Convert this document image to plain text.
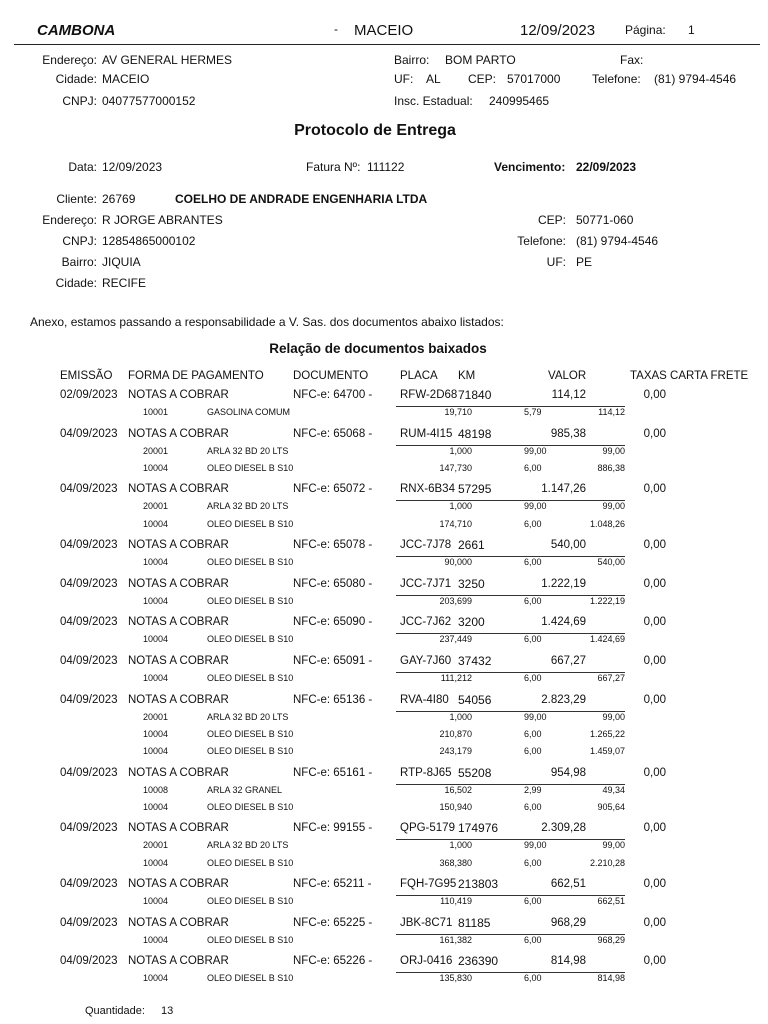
CAMBONA	- MACEIO	12/09/2023 Página: 1
Endereço: AV GENERAL HERMES
Cidade: MACEIO
CNPJ: 04077577000152
Bairro: BOM PARTO
UF: AL CEP: 57017000
Insc. Estadual: 240995465
Fax:
Telefone: (81) 9794-4546
Protocolo de Entrega
Data: 12/09/2023	Fatura Nº: 111122	Vencimento: 22/09/2023
Cliente: 26769	COELHO DE ANDRADE ENGENHARIA LTDA
Endereço: R JORGE ABRANTES
CNPJ: 12854865000102
Bairro: JIQUIA
Cidade: RECIFE
CEP: 50771-060
Telefone: (81) 9794-4546
UF: PE
Anexo, estamos passando a responsabilidade a V. Sas. dos documentos abaixo listados:
Relação de documentos baixados
EMISSÃO FORMA DE PAGAMENTO	DOCUMENTO	PLACA KM	VALOR	TAXAS CARTA FRETE
02/09/2023 NOTAS A COBRAR	NFC-e: 64700 - RFW-2D68 71840	114,12	0,00
10001	GASOLINA COMUM	19,710	5,79	114,12
04/09/2023 NOTAS A COBRAR	NFC-e: 65068 - RUM-4I15 48198	985,38	0,00
20001	ARLA 32 BD 20 LTS	1,000	99,00	99,00
10004	OLEO DIESEL B S10	147,730	6,00	886,38
04/09/2023 NOTAS A COBRAR	NFC-e: 65072 - RNX-6B34 57295	1.147,26	0,00
20001	ARLA 32 BD 20 LTS	1,000	99,00	99,00
10004	OLEO DIESEL B S10	174,710	6,00	1.048,26
04/09/2023 NOTAS A COBRAR	NFC-e: 65078 - JCC-7J78 2661	540,00	0,00
10004	OLEO DIESEL B S10	90,000	6,00	540,00
04/09/2023 NOTAS A COBRAR	NFC-e: 65080 - JCC-7J71 3250	1.222,19	0,00
10004	OLEO DIESEL B S10	203,699	6,00	1.222,19
04/09/2023 NOTAS A COBRAR	NFC-e: 65090 - JCC-7J62 3200	1.424,69	0,00
10004	OLEO DIESEL B S10	237,449	6,00	1.424,69
04/09/2023 NOTAS A COBRAR	NFC-e: 65091 - GAY-7J60 37432	667,27	0,00
10004	OLEO DIESEL B S10	111,212	6,00	667,27
04/09/2023 NOTAS A COBRAR	NFC-e: 65136 - RVA-4I80 54056	2.823,29	0,00
20001	ARLA 32 BD 20 LTS	1,000	99,00	99,00
10004	OLEO DIESEL B S10	210,870	6,00	1.265,22
10004	OLEO DIESEL B S10	243,179	6,00	1.459,07
04/09/2023 NOTAS A COBRAR	NFC-e: 65161 - RTP-8J65 55208	954,98	0,00
10008	ARLA 32 GRANEL	16,502	2,99	49,34
10004	OLEO DIESEL B S10	150,940	6,00	905,64
04/09/2023 NOTAS A COBRAR	NFC-e: 99155 - QPG-5179 174976	2.309,28	0,00
20001	ARLA 32 BD 20 LTS	1,000	99,00	99,00
10004	OLEO DIESEL B S10	368,380	6,00	2.210,28
04/09/2023 NOTAS A COBRAR	NFC-e: 65211 - FQH-7G95 213803	662,51	0,00
10004	OLEO DIESEL B S10	110,419	6,00	662,51
04/09/2023 NOTAS A COBRAR	NFC-e: 65225 - JBK-8C71 81185	968,29	0,00
10004	OLEO DIESEL B S10	161,382	6,00	968,29
04/09/2023 NOTAS A COBRAR	NFC-e: 65226 - ORJ-0416 236390	814,98	0,00
10004	OLEO DIESEL B S10	135,830	6,00	814,98
Quantidade: 13
